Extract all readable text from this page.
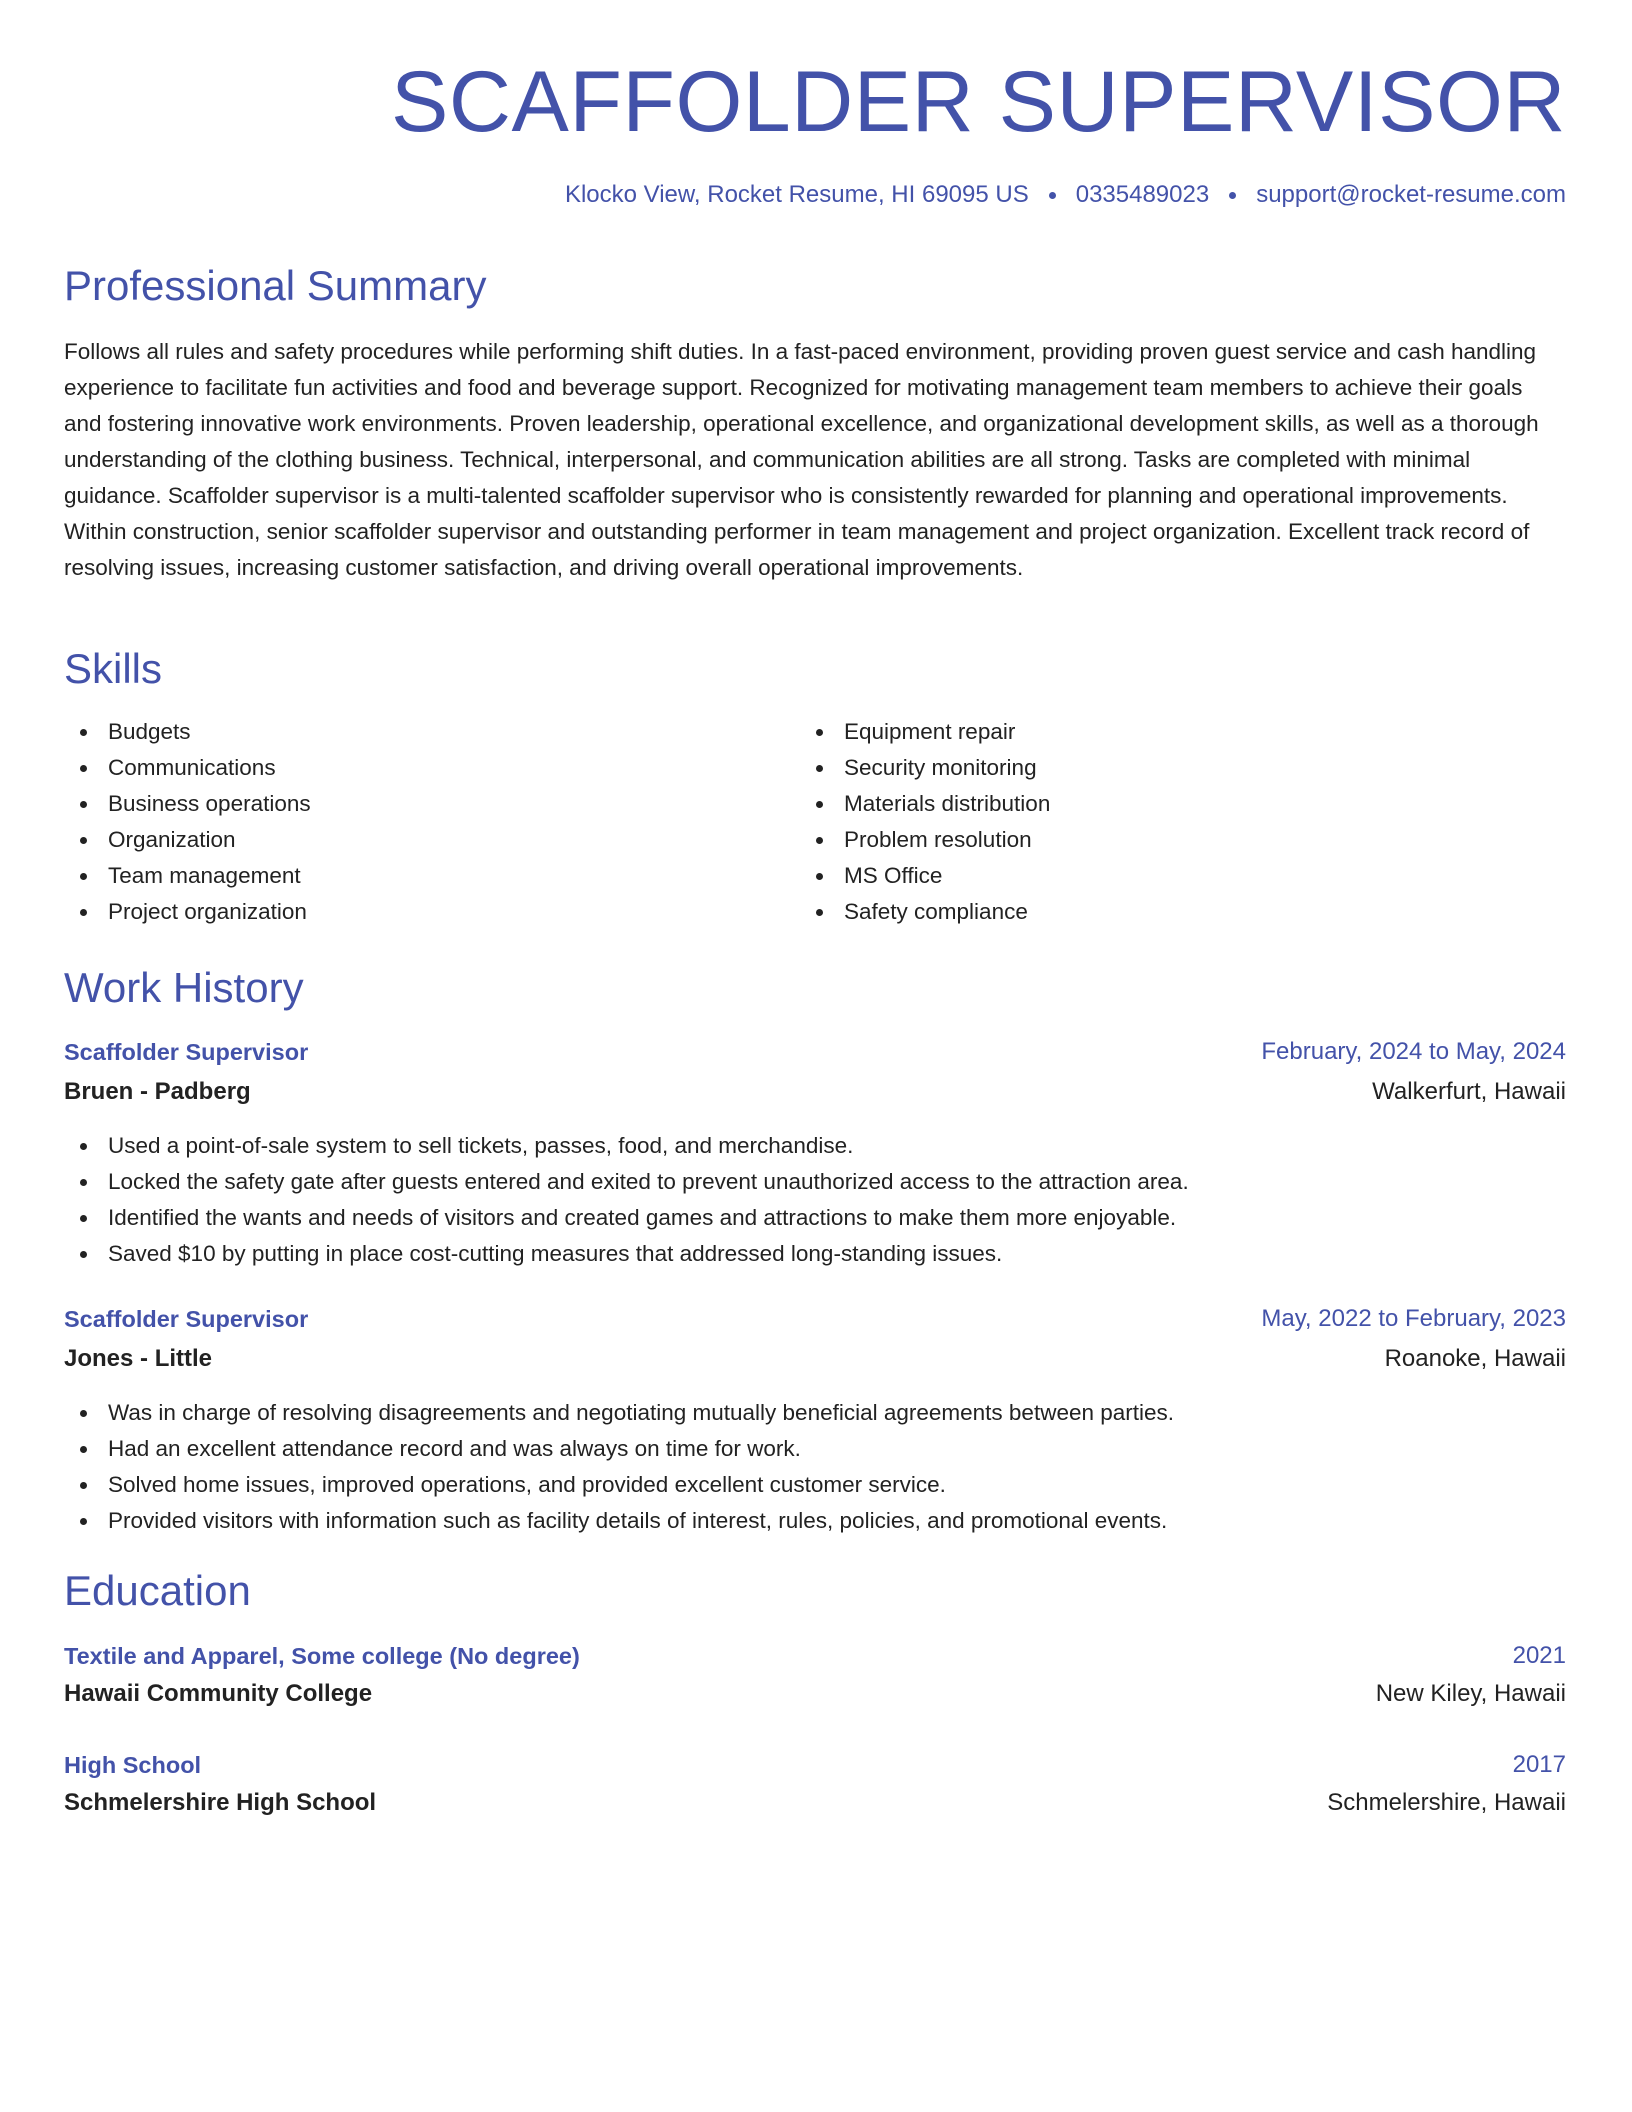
SCAFFOLDER SUPERVISOR
Klocko View, Rocket Resume, HI 69095 US 0335489023 support@rocket-resume.com
Professional Summary

Follows all rules and safety procedures while performing shift duties. In a fast-paced environment, providing proven guest service and cash handling experience to facilitate fun activities and food and beverage support. Recognized for motivating management team members to achieve their goals and fostering innovative work environments. Proven leadership, operational excellence, and organizational development skills, as well as a thorough understanding of the clothing business. Technical, interpersonal, and communication abilities are all strong. Tasks are completed with minimal guidance. Scaffolder supervisor is a multi-talented scaffolder supervisor who is consistently rewarded for planning and operational improvements. Within construction, senior scaffolder supervisor and outstanding performer in team management and project organization. Excellent track record of resolving issues, increasing customer satisfaction, and driving overall operational improvements.

Skills
Budgets
Communications
Business operations
Organization
Team management
Project organization
Equipment repair
Security monitoring
Materials distribution
Problem resolution
MS Office
Safety compliance
Work History
Scaffolder Supervisor	February, 2024 to May, 2024
Bruen - Padberg	Walkerfurt, Hawaii
Used a point-of-sale system to sell tickets, passes, food, and merchandise.
Locked the safety gate after guests entered and exited to prevent unauthorized access to the attraction area.
Identified the wants and needs of visitors and created games and attractions to make them more enjoyable.
Saved $10 by putting in place cost-cutting measures that addressed long-standing issues.
Scaffolder Supervisor	May, 2022 to February, 2023
Jones - Little	Roanoke, Hawaii
Was in charge of resolving disagreements and negotiating mutually beneficial agreements between parties.
Had an excellent attendance record and was always on time for work.
Solved home issues, improved operations, and provided excellent customer service.
Provided visitors with information such as facility details of interest, rules, policies, and promotional events.
Education
Textile and Apparel, Some college (No degree)	2021
Hawaii Community College	New Kiley, Hawaii
High School	2017
Schmelershire High School	Schmelershire, Hawaii
